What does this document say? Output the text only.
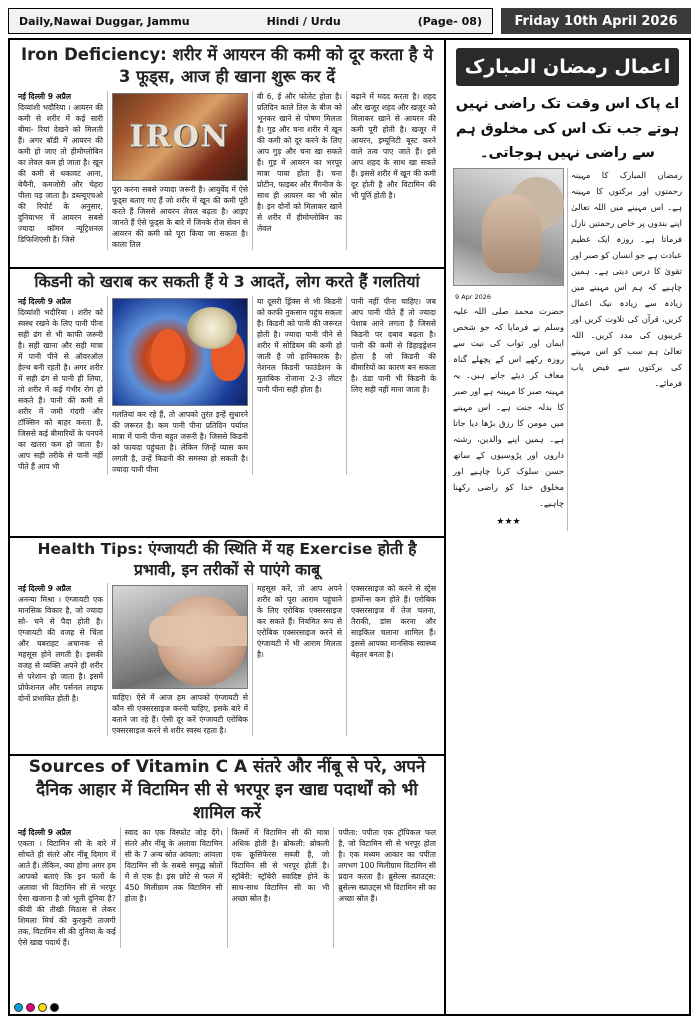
Daily,Nawai Duggar, Jammu	Hindi / Urdu	(Page- 08)	Friday 10th April 2026
Iron Deficiency: शरीर में आयरन की कमी को दूर करता है ये 3 फूड्स, आज ही खाना शुरू कर दें
नई दिल्ली 9 अप्रैल
दिव्यांशी भदौरिया । आयरन की कमी से शरीर में कई सारी बीमा- रियां देखने को मिलती हैं। अगर बॉडी में आयरन की कमी हो जाए तो हीमोग्लोबिन का लेवल कम हो जाता है। खून की कमी से थकावट आना, बेचैनी, कमजोरी और चेहरा पीला पड़ जाता है। डब्ल्यूएचओ की रिपोर्ट के अनुसार, दुनियाभर में आयरन सबसे ज्यादा कॉमन न्यूट्रिशनल डिफिशिएंसी है। जिसे
IRON
पूरा करना सबसे ज्यादा जरूरी है। आयुर्वेद में ऐसे फूड्स बताए गए हैं जो शरीर में खून की कमी पूरी करते हैं जिससे आयरन लेवल बढ़ता है। आइए जानते हैं ऐसे फूड्स के बारे में जिनके रोज सेवन से आयरन की कमी को पूरा किया जा सकता है। काला तिल
बी 6, ई और फोलेट होता है। प्रतिदिन काले तिल के बीज को भूनकर खाने से पोषण मिलता है। गुड़ और चना शरीर में खून की कमी को दूर करने के लिए आप गुड़ और चना खा सकते हैं। गुड़ में आयरन का भरपूर मात्रा पाया होता है। चना प्रोटीन, फाइबर और मैंगनीज के साथ ही आयरन का भी स्रोत है। इन दोनों को मिलाकर खाने से शरीर में हीमोग्लोबिन का लेवल
बढ़ाने में मदद करता है। शहद और खजूर शहद और खजूर को मिलाकर खाने से आयरन की कमी पूरी होती है। खजूर में आयरन, इम्यूनिटी बूस्ट करने वाले तत्व पाए जाते हैं। इसे आप शहद के साथ खा सकते हैं। इससे शरीर में खून की कमी दूर होती है और विटामिन की भी पूर्ति होती है।
किडनी को खराब कर सकती हैं ये 3 आदतें, लोग करते हैं गलतियां
नई दिल्ली 9 अप्रैल
दिव्यांशी भदौरिया । शरीर को स्वस्थ रखने के लिए पानी पीना सही ढंग से भी काफी जरूरी है। सही खाना और सही मात्रा में पानी पीने से ऑवरऑल हेल्थ बनी रहती है। अगर शरीर में सही ढंग से पानी ही लिया, तो शरीर में कई गंभीर रोग हो सकते हैं। पानी की कमी से शरीर में जमी गंदगी और टॉक्सिन को बाहर करता है, जिससे कई बीमारियों के पनपने का खतरा कम हो जाता है। आप सही तरीके से पानी नहीं पीते हैं आप भी
गलतियां कर रहे हैं, तो आपको तुरंत इन्हें सुधारने की जरूरत है। कम पानी पीना प्रतिदिन पर्याप्त मात्रा में पानी पीना बहुत जरूरी है। जिससे किडनी को फायदा पहुंचता है। लेकिन जिन्हें प्यास कम लगती है, उन्हें किडनी की समस्या हो सकती है। ज्यादा पानी पीना
या दूसरी ड्रिंक्स से भी किडनी को काफी नुकसान पहुंच सकता है। किडनी को पानी की जरूरत होती है। ज्यादा पानी पीने से शरीर में सोडियम की कमी हो जाती है जो हानिकारक है। नेशनल किडनी फाउंडेशन के मुताबिक रोजाना 2-3 लीटर पानी पीना सही होता है।
पानी नहीं पीना चाहिए। जब आप पानी पीते हैं तो ज्यादा पेशाब आने लगता है जिससे किडनी पर दबाव बढ़ता है। पानी की कमी से डिहाइड्रेशन होता है जो किडनी की बीमारियों का कारण बन सकता है। ठंडा पानी भी किडनी के लिए सही नहीं माना जाता है।
Health Tips: एंग्जायटी की स्थिति में यह Exercise होती है प्रभावी, इन तरीकों से पाएंगे काबू
नई दिल्ली 9 अप्रैल
अनन्या मिश्रा । एंग्जायटी एक मानसिक विकार है, जो ज्यादा सो- चने से पैदा होती है। एंग्जायटी की वजह से चिंता और घबराहट अचानक से महसूस होने लगती है। इसकी वजह से व्यक्ति अपने ही शरीर से परेशान हो जाता है। इसमें प्रोफेशनल और पर्सनल लाइफ दोनों प्रभावित होती है।	चाहिए। ऐसे में आज हम आपको एंग्जायटी से कौन सी एक्सरसाइज करनी चाहिए, इसके बारे में बताने जा रहे हैं। ऐसी दूर करें एंग्जायटी एरोबिक एक्सरसाइज करने से शरीर स्वस्थ रहता है।
महसूस करें, तो आप अपने शरीर को पूरा आराम पहुंचाने के लिए एरोबिक एक्सरसाइज कर सकते हैं। नियमित रूप से एरोबिक एक्सरसाइज करने से एंग्जायटी में भी आराम मिलता है।
एक्सरसाइज को करने से स्ट्रेस हार्मोन्स कम होते हैं। एरोबिक एक्सरसाइज में तेज चलना, तैराकी, डांस करना और साइकिल चलाना शामिल हैं। इससे आपका मानसिक स्वास्थ्य बेहतर बनता है।
Sources of Vitamin C A संतरे और नींबू से परे, अपने दैनिक आहार में विटामिन सी से भरपूर इन खाद्य पदार्थों को भी शामिल करें
नई दिल्ली 9 अप्रैल
एकता । विटामिन सी के बारे में सोचते ही संतरे और नींबू दिमाग में आते हैं। लेकिन, क्या होगा अगर हम आपको बताएं कि इन फलों के अलावा भी विटामिन सी से भरपूर ऐसा खजाना है जो भूली दुनिया है? कीवी की तीखी मिठास से लेकर शिमला मिर्च की कुरकुरी ताजगी तक, विटामिन सी की दुनिया के कई ऐसे खाद्य पदार्थ हैं।
स्वाद का एक विस्फोट जोड़ देंगे। संतरे और नींबू के अलावा विटामिन सी के 7 अन्य स्रोत आंवला: आंवला विटामिन सी के सबसे समृद्ध स्रोतों में से एक है। इस छोटे से फल में 450 मिलीग्राम तक विटामिन सी होता है।
किस्मों में विटामिन सी की मात्रा अधिक होती है। ब्रोकली: ब्रोकली एक क्रूसिफेरस सब्जी है, जो विटामिन सी से भरपूर होती है। स्ट्रॉबेरी: स्ट्रॉबेरी स्वादिष्ट होने के साथ-साथ विटामिन सी का भी अच्छा स्रोत है।
पपीता: पपीता एक ट्रॉपिकल फल है, जो विटामिन सी से भरपूर होता है। एक मध्यम आकार का पपीता लगभग 100 मिलीग्राम विटामिन सी प्रदान करता है। ब्रुसेल्स स्प्राउट्स: ब्रुसेल्स स्प्राउट्स भी विटामिन सी का अच्छा स्रोत हैं।
اعمال رمضان المبارک
اے پاک اس وقت تک راضی نہیں ہوتے جب تک اس کی مخلوق ہم سے راضی نہیں ہوجاتی۔
رمضان المبارک کا مہینہ رحمتوں اور برکتوں کا مہینہ ہے۔ اس مہینے میں اللہ تعالیٰ اپنے بندوں پر خاص رحمتیں نازل فرماتا ہے۔ روزہ ایک عظیم عبادت ہے جو انسان کو صبر اور تقویٰ کا درس دیتی ہے۔ ہمیں چاہیے کہ ہم اس مہینے میں زیادہ سے زیادہ نیک اعمال کریں، قرآن کی تلاوت کریں اور غریبوں کی مدد کریں۔ اللہ تعالیٰ ہم سب کو اس مہینے کی برکتوں سے فیض یاب فرمائے۔
9 Apr 2026
حضرت محمد صلی اللہ علیہ وسلم نے فرمایا کہ جو شخص ایمان اور ثواب کی نیت سے روزہ رکھے اس کے پچھلے گناہ معاف کر دیئے جاتے ہیں۔ یہ مہینہ صبر کا مہینہ ہے اور صبر کا بدلہ جنت ہے۔ اس مہینے میں مومن کا رزق بڑھا دیا جاتا ہے۔ ہمیں اپنے والدین، رشتہ داروں اور پڑوسیوں کے ساتھ حسن سلوک کرنا چاہیے اور مخلوق خدا کو راضی رکھنا چاہیے۔
★★★
